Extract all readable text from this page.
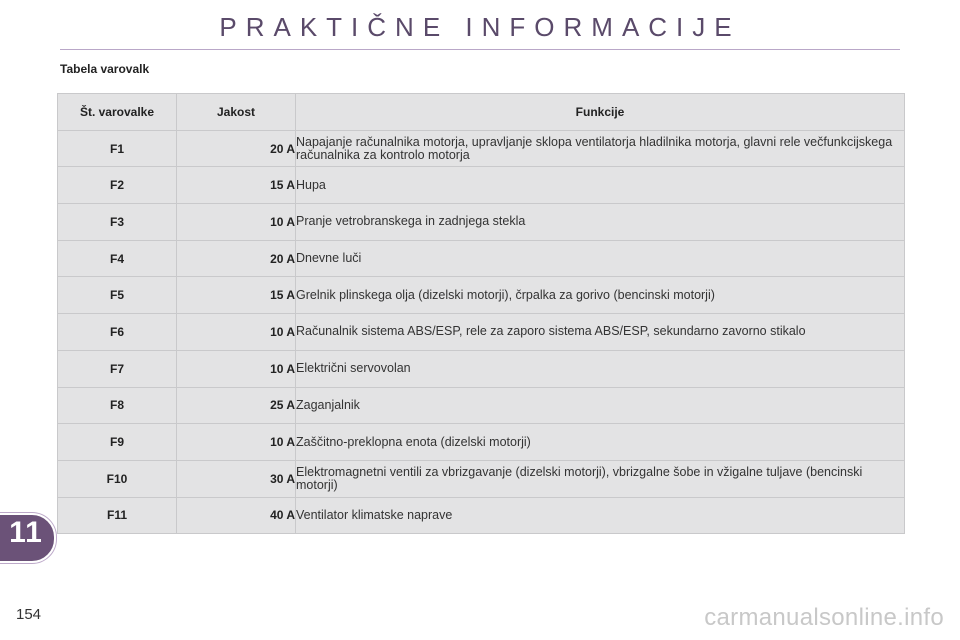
PRAKTIČNE INFORMACIJE
Tabela varovalk
Št. varovalke	Jakost	Funkcije
F1	20 A	Napajanje računalnika motorja, upravljanje sklopa ventilatorja hladilnika motorja, glavni rele večfunkcijskega računalnika za kontrolo motorja
F2	15 A	Hupa
F3	10 A	Pranje vetrobranskega in zadnjega stekla
F4	20 A	Dnevne luči
F5	15 A	Grelnik plinskega olja (dizelski motorji), črpalka za gorivo (bencinski motorji)
F6	10 A	Računalnik sistema ABS/ESP, rele za zaporo sistema ABS/ESP, sekundarno zavorno stikalo
F7	10 A	Električni servovolan
F8	25 A	Zaganjalnik
F9	10 A	Zaščitno-preklopna enota (dizelski motorji)
F10	30 A	Elektromagnetni ventili za vbrizgavanje (dizelski motorji), vbrizgalne šobe in vžigalne tuljave (bencinski motorji)
F11	40 A	Ventilator klimatske naprave
11
154	carmanualsonline.info
